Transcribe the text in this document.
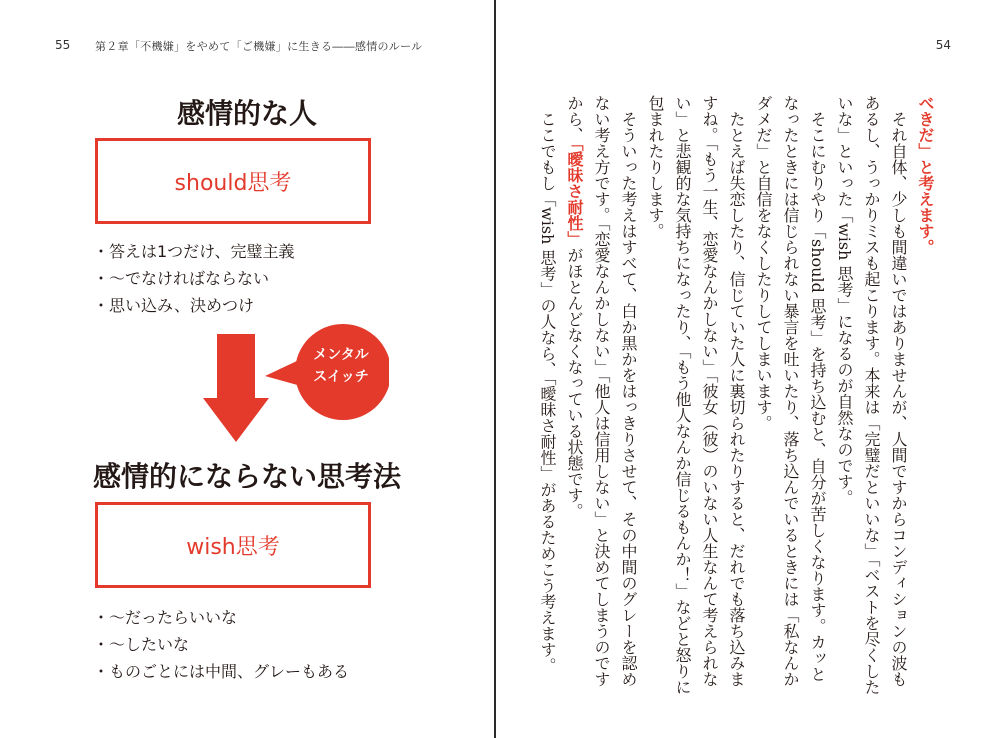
55 第２章「不機嫌」をやめて「ご機嫌」に生きる――感情のルール
感情的な人
should思考
・答えは1つだけ、完璧主義
・〜でなければならない
・思い込み、決めつけ
メンタル
スイッチ
感情的にならない思考法
wish思考
・〜だったらいいな
・〜したいな
・ものごとには中間、グレーもある
54
べきだ」と考えます。
　それ自体、少しも間違いではありませんが、人間ですからコンディションの波もあるし、うっかりミスも起こります。本来は「完璧だといいな」「ベストを尽くしたいな」といった「wish 思考」になるのが自然なのです。
　そこにむりやり「should 思考」を持ち込むと、自分が苦しくなります。カッとなったときには信じられない暴言を吐いたり、落ち込んでいるときには「私なんかダメだ」と自信をなくしたりしてしまいます。
　たとえば失恋したり、信じていた人に裏切られたりすると、だれでも落ち込みますね。「もう一生、恋愛なんかしない」「彼女（彼）のいない人生なんて考えられない」と悲観的な気持ちになったり、「もう他人なんか信じるもんか！」などと怒りに包まれたりします。
　そういった考えはすべて、白か黒かをはっきりさせて、その中間のグレーを認めない考え方です。「恋愛なんかしない」「他人は信用しない」と決めてしまうのですから、「曖昧さ耐性」がほとんどなくなっている状態です。
　ここでもし「wish 思考」の人なら、「曖昧さ耐性」があるためこう考えます。
